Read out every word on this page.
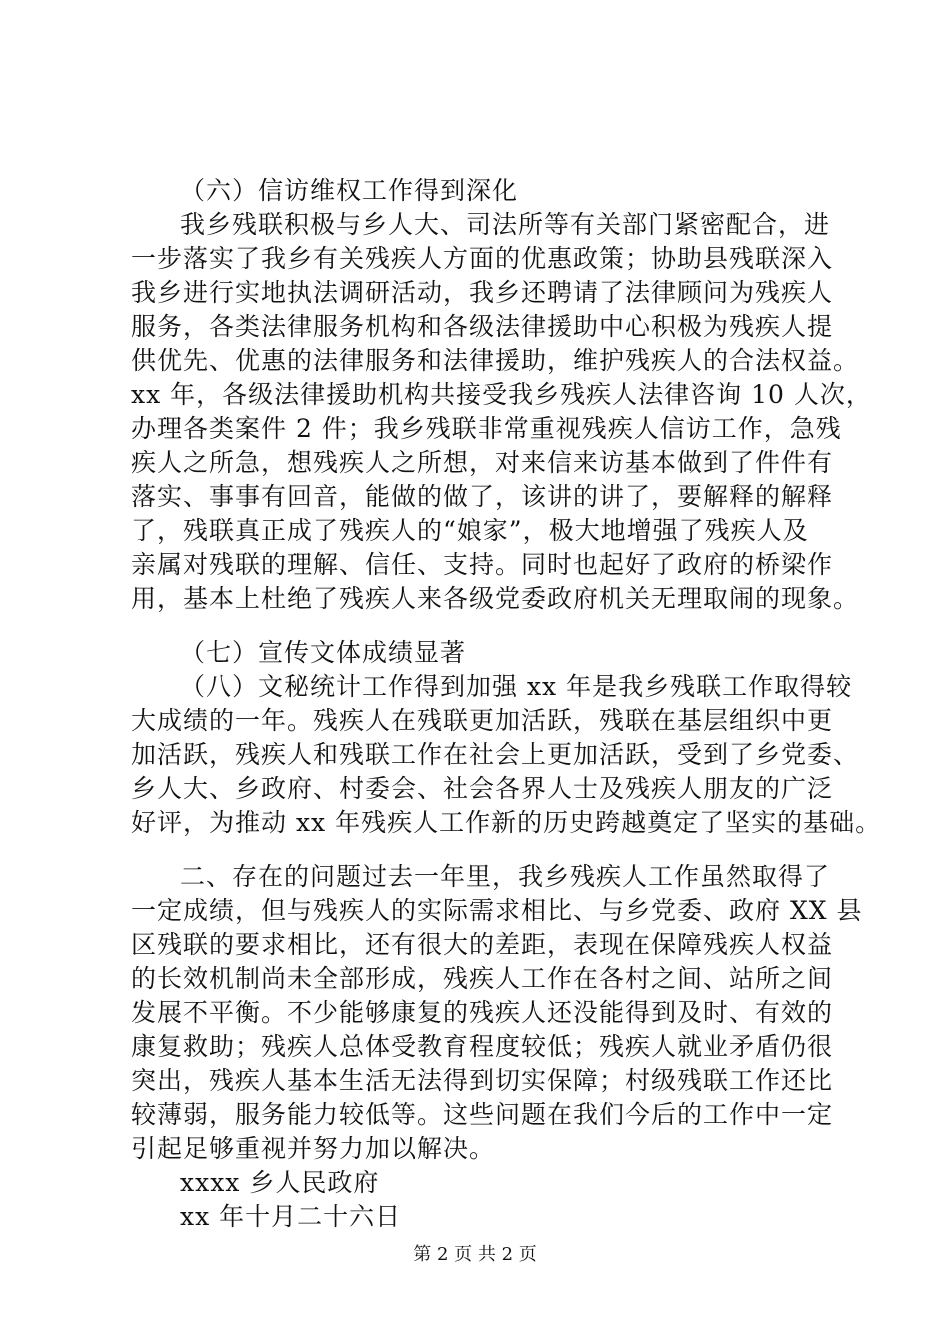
（六）信访维权工作得到深化
我乡残联积极与乡人大、司法所等有关部门紧密配合，进
一步落实了我乡有关残疾人方面的优惠政策；协助县残联深入
我乡进行实地执法调研活动，我乡还聘请了法律顾问为残疾人
服务，各类法律服务机构和各级法律援助中心积极为残疾人提
供优先、优惠的法律服务和法律援助，维护残疾人的合法权益。
xx 年，各级法律援助机构共接受我乡残疾人法律咨询 10 人次，
办理各类案件 2 件；我乡残联非常重视残疾人信访工作，急残
疾人之所急，想残疾人之所想，对来信来访基本做到了件件有
落实、事事有回音，能做的做了，该讲的讲了，要解释的解释
了，残联真正成了残疾人的“娘家”，极大地增强了残疾人及
亲属对残联的理解、信任、支持。同时也起好了政府的桥梁作
用，基本上杜绝了残疾人来各级党委政府机关无理取闹的现象。
（七）宣传文体成绩显著
（八）文秘统计工作得到加强 xx 年是我乡残联工作取得较
大成绩的一年。残疾人在残联更加活跃，残联在基层组织中更
加活跃，残疾人和残联工作在社会上更加活跃，受到了乡党委、
乡人大、乡政府、村委会、社会各界人士及残疾人朋友的广泛
好评，为推动 xx 年残疾人工作新的历史跨越奠定了坚实的基础。
二、存在的问题过去一年里，我乡残疾人工作虽然取得了
一定成绩，但与残疾人的实际需求相比、与乡党委、政府 XX 县
区残联的要求相比，还有很大的差距，表现在保障残疾人权益
的长效机制尚未全部形成，残疾人工作在各村之间、站所之间
发展不平衡。不少能够康复的残疾人还没能得到及时、有效的
康复救助；残疾人总体受教育程度较低；残疾人就业矛盾仍很
突出，残疾人基本生活无法得到切实保障；村级残联工作还比
较薄弱，服务能力较低等。这些问题在我们今后的工作中一定
引起足够重视并努力加以解决。
xxxx 乡人民政府
xx 年十月二十六日
第 2 页 共 2 页
